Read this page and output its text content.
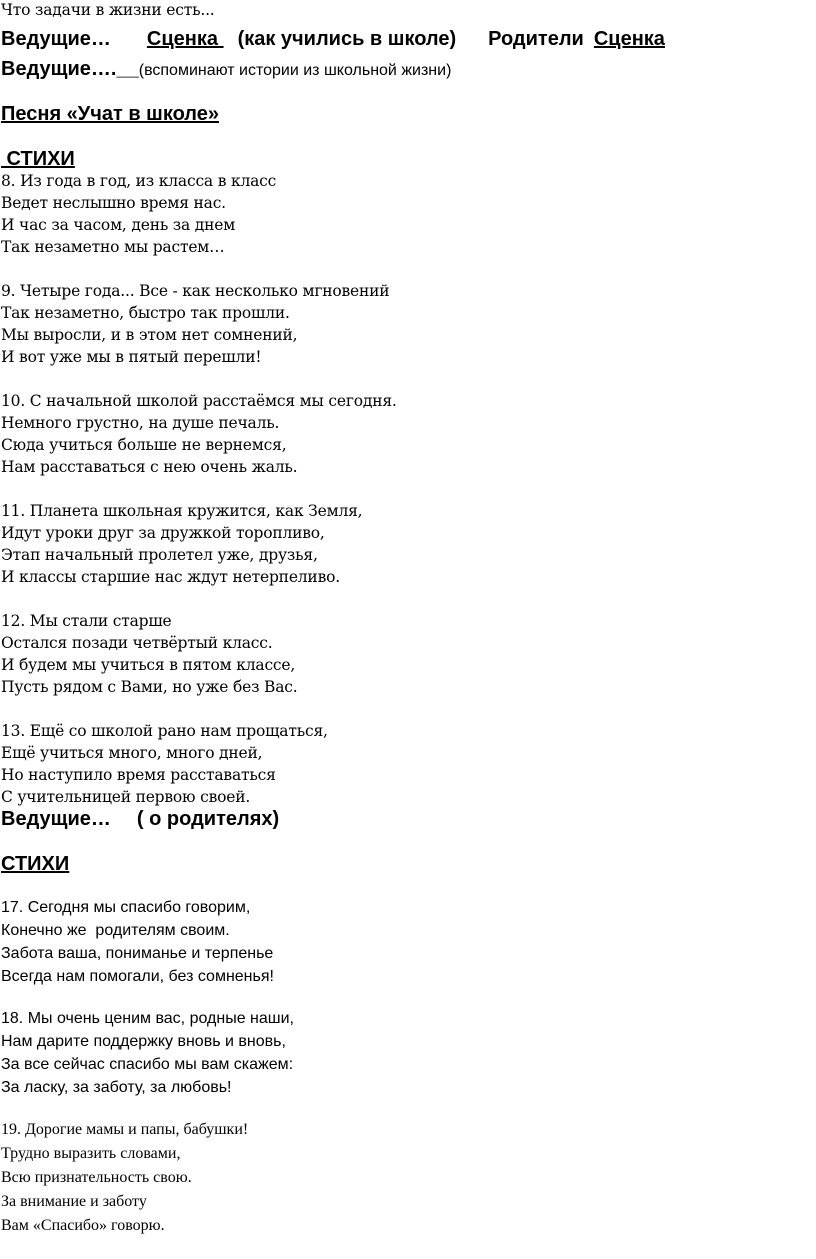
Что задачи в жизни есть...
Ведущие… Сценка (как учились в школе) Родители Сценка
Ведущие….__(вспоминают истории из школьной жизни)
Песня «Учат в школе»
СТИХИ
8. Из года в год, из класса в класс
Ведет неслышно время нас.
И час за часом, день за днем
Так незаметно мы растем…
9. Четыре года... Все - как несколько мгновений
Так незаметно, быстро так прошли.
Мы выросли, и в этом нет сомнений,
И вот уже мы в пятый перешли!
10. С начальной школой расстаёмся мы сегодня.
Немного грустно, на душе печаль.
Сюда учиться больше не вернемся,
Нам расставаться с нею очень жаль.
11. Планета школьная кружится, как Земля,
Идут уроки друг за дружкой торопливо,
Этап начальный пролетел уже, друзья,
И классы старшие нас ждут нетерпеливо.
12. Мы стали старше
Остался позади четвёртый класс.
И будем мы учиться в пятом классе,
Пусть рядом с Вами, но уже без Вас.
13. Ещё со школой рано нам прощаться,
Ещё учиться много, много дней,
Но наступило время расставаться
С учительницей первою своей.
Ведущие… ( о родителях)
СТИХИ
17. Сегодня мы спасибо говорим,
Конечно же  родителям своим.
Забота ваша, пониманье и терпенье
Всегда нам помогали, без сомненья!
18. Мы очень ценим вас, родные наши,
Нам дарите поддержку вновь и вновь,
За все сейчас спасибо мы вам скажем:
За ласку, за заботу, за любовь!
19. Дорогие мамы и папы, бабушки!
Трудно выразить словами,
Всю признательность свою.
За внимание и заботу
Вам «Спасибо» говорю.
